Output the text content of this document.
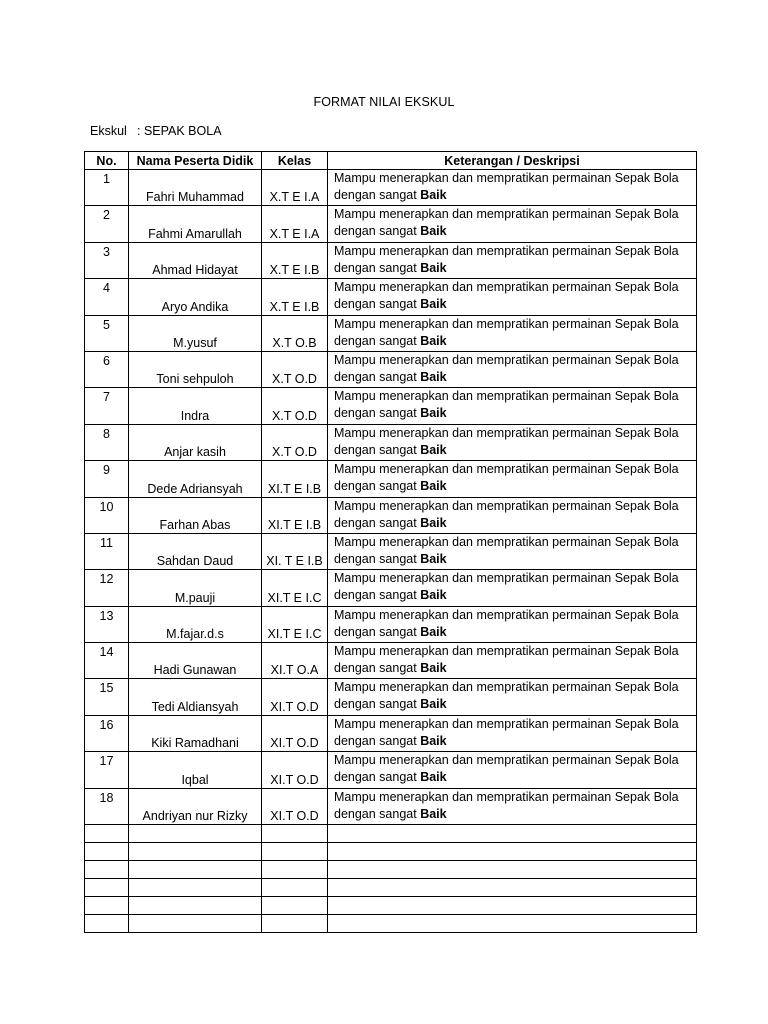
FORMAT NILAI EKSKUL
Ekskul : SEPAK BOLA
No.	Nama Peserta Didik	Kelas	Keterangan / Deskripsi
1	Fahri Muhammad	X.T E I.A	Mampu menerapkan dan mempratikan permainan Sepak Bola dengan sangat Baik
2	Fahmi Amarullah	X.T E I.A	Mampu menerapkan dan mempratikan permainan Sepak Bola dengan sangat Baik
3	Ahmad Hidayat	X.T E I.B	Mampu menerapkan dan mempratikan permainan Sepak Bola dengan sangat Baik
4	Aryo Andika	X.T E I.B	Mampu menerapkan dan mempratikan permainan Sepak Bola dengan sangat Baik
5	M.yusuf	X.T O.B	Mampu menerapkan dan mempratikan permainan Sepak Bola dengan sangat Baik
6	Toni sehpuloh	X.T O.D	Mampu menerapkan dan mempratikan permainan Sepak Bola dengan sangat Baik
7	Indra	X.T O.D	Mampu menerapkan dan mempratikan permainan Sepak Bola dengan sangat Baik
8	Anjar kasih	X.T O.D	Mampu menerapkan dan mempratikan permainan Sepak Bola dengan sangat Baik
9	Dede Adriansyah	XI.T E I.B	Mampu menerapkan dan mempratikan permainan Sepak Bola dengan sangat Baik
10	Farhan Abas	XI.T E I.B	Mampu menerapkan dan mempratikan permainan Sepak Bola dengan sangat Baik
11	Sahdan Daud	XI. T E I.B	Mampu menerapkan dan mempratikan permainan Sepak Bola dengan sangat Baik
12	M.pauji	XI.T E I.C	Mampu menerapkan dan mempratikan permainan Sepak Bola dengan sangat Baik
13	M.fajar.d.s	XI.T E I.C	Mampu menerapkan dan mempratikan permainan Sepak Bola dengan sangat Baik
14	Hadi Gunawan	XI.T O.A	Mampu menerapkan dan mempratikan permainan Sepak Bola dengan sangat Baik
15	Tedi Aldiansyah	XI.T O.D	Mampu menerapkan dan mempratikan permainan Sepak Bola dengan sangat Baik
16	Kiki Ramadhani	XI.T O.D	Mampu menerapkan dan mempratikan permainan Sepak Bola dengan sangat Baik
17	Iqbal	XI.T O.D	Mampu menerapkan dan mempratikan permainan Sepak Bola dengan sangat Baik
18	Andriyan nur Rizky	XI.T O.D	Mampu menerapkan dan mempratikan permainan Sepak Bola dengan sangat Baik
